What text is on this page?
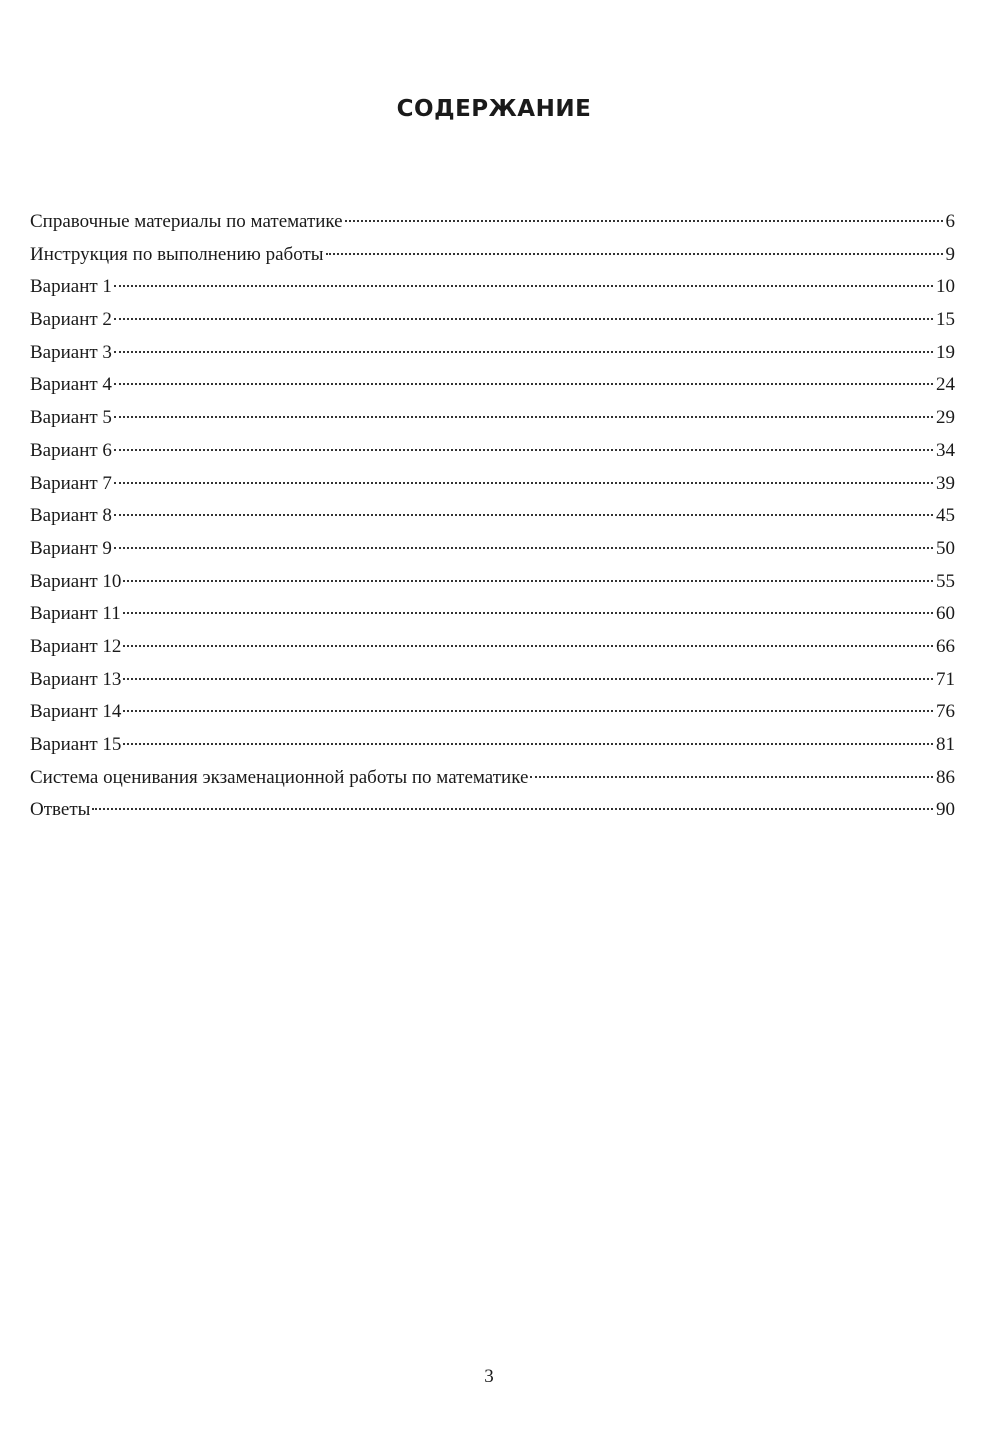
СОДЕРЖАНИЕ
Справочные материалы по математике	6
Инструкция по выполнению работы	9
Вариант 1	10
Вариант 2	15
Вариант 3	19
Вариант 4	24
Вариант 5	29
Вариант 6	34
Вариант 7	39
Вариант 8	45
Вариант 9	50
Вариант 10	55
Вариант 11	60
Вариант 12	66
Вариант 13	71
Вариант 14	76
Вариант 15	81
Система оценивания экзаменационной работы по математике	86
Ответы	90
3
